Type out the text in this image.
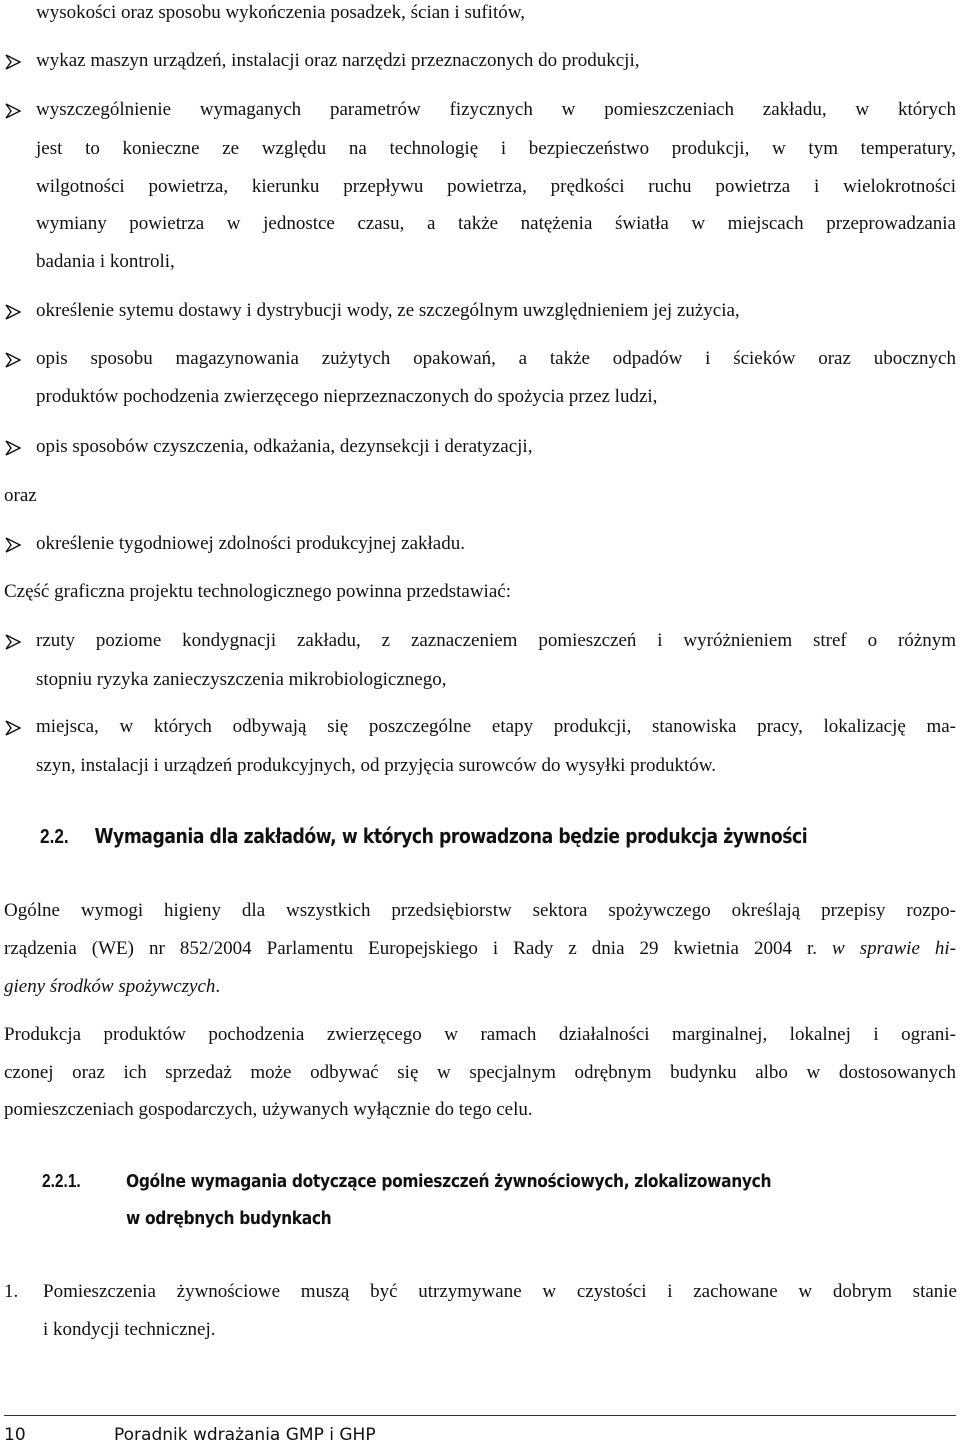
wysokości oraz sposobu wykończenia posadzek, ścian i sufitów,
wykaz maszyn urządzeń, instalacji oraz narzędzi przeznaczonych do produkcji,
wyszczególnienie wymaganych parametrów fizycznych w pomieszczeniach zakładu, w których
jest to konieczne ze względu na technologię i bezpieczeństwo produkcji, w tym temperatury,
wilgotności powietrza, kierunku przepływu powietrza, prędkości ruchu powietrza i wielokrotności
wymiany powietrza w jednostce czasu, a także natężenia światła w miejscach przeprowadzania
badania i kontroli,
określenie sytemu dostawy i dystrybucji wody, ze szczególnym uwzględnieniem jej zużycia,
opis sposobu magazynowania zużytych opakowań, a także odpadów i ścieków oraz ubocznych
produktów pochodzenia zwierzęcego nieprzeznaczonych do spożycia przez ludzi,
opis sposobów czyszczenia, odkażania, dezynsekcji i deratyzacji,
oraz
określenie tygodniowej zdolności produkcyjnej zakładu.
Część graficzna projektu technologicznego powinna przedstawiać:
rzuty poziome kondygnacji zakładu, z zaznaczeniem pomieszczeń i wyróżnieniem stref o różnym
stopniu ryzyka zanieczyszczenia mikrobiologicznego,
miejsca, w których odbywają się poszczególne etapy produkcji, stanowiska pracy, lokalizację ma-
szyn, instalacji i urządzeń produkcyjnych, od przyjęcia surowców do wysyłki produktów.
2.2. Wymagania dla zakładów, w których prowadzona będzie produkcja żywności
Ogólne wymogi higieny dla wszystkich przedsiębiorstw sektora spożywczego określają przepisy rozpo-
rządzenia (WE) nr 852/2004 Parlamentu Europejskiego i Rady z dnia 29 kwietnia 2004 r. w sprawie hi-
gieny środków spożywczych.
Produkcja produktów pochodzenia zwierzęcego w ramach działalności marginalnej, lokalnej i ograni-
czonej oraz ich sprzedaż może odbywać się w specjalnym odrębnym budynku albo w dostosowanych
pomieszczeniach gospodarczych, używanych wyłącznie do tego celu.
2.2.1.	Ogólne wymagania dotyczące pomieszczeń żywnościowych, zlokalizowanych
w odrębnych budynkach
1. Pomieszczenia żywnościowe muszą być utrzymywane w czystości i zachowane w dobrym stanie
i kondycji technicznej.
10	Poradnik wdrażania GMP i GHP
